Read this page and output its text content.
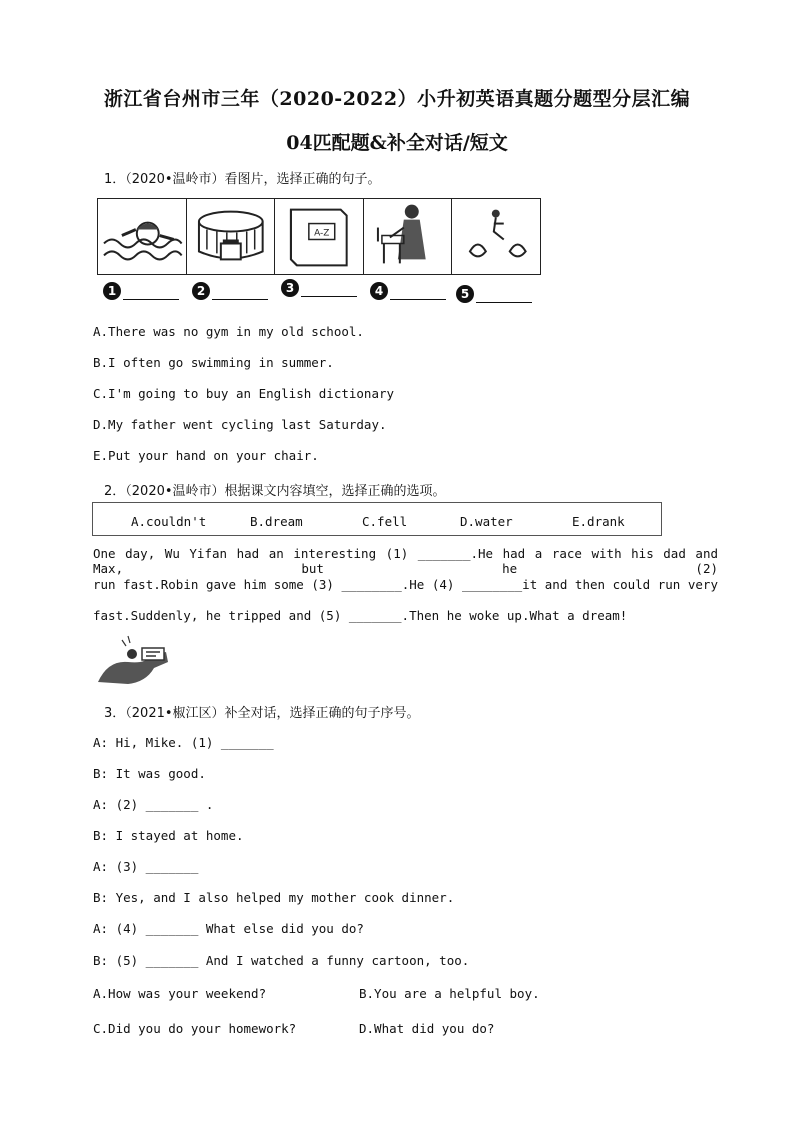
浙江省台州市三年（2020-2022）小升初英语真题分题型分层汇编
04匹配题&补全对话/短文
1．（2020•温岭市）看图片，选择正确的句子。
A-Z
1	2	3	4	5
A.There was no gym in my old school.
B.I often go swimming in summer.
C.I'm going to buy an English dictionary
D.My father went cycling last Saturday.
E.Put your hand on your chair.
2．（2020•温岭市）根据课文内容填空，选择正确的选项。
A.couldn't	B.dream	C.fell	D.water	E.drank
One day, Wu Yifan had an interesting (1) _______.He had a race with his dad and Max, but he (2)
run fast.Robin gave him some (3) ________.He (4) ________it and then could run very
fast.Suddenly, he tripped and (5) _______.Then he woke up.What a dream!
3．（2021•椒江区）补全对话，选择正确的句子序号。
A: Hi, Mike. (1) _______
B: It was good.
A: (2) _______ .
B: I stayed at home.
A: (3) _______
B: Yes, and I also helped my mother cook dinner.
A: (4) _______ What else did you do?
B: (5) _______ And I watched a funny cartoon, too.
A.How was your weekend?	B.You are a helpful boy.
C.Did you do your homework?	D.What did you do?
